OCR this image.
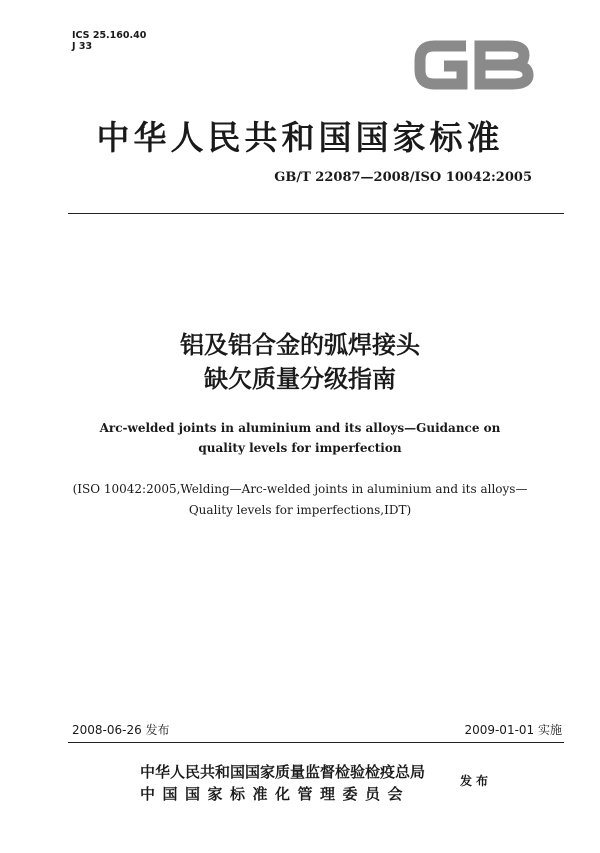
ICS 25.160.40
J 33
中华人民共和国国家标准
GB/T 22087—2008/ISO 10042:2005
铝及铝合金的弧焊接头
缺欠质量分级指南
Arc-welded joints in aluminium and its alloys—Guidance on
quality levels for imperfection
(ISO 10042:2005,Welding—Arc-welded joints in aluminium and its alloys—
Quality levels for imperfections,IDT)
2008-06-26 发布	2009-01-01 实施
中华人民共和国国家质量监督检验检疫总局
中国国家标准化管理委员会
发布
